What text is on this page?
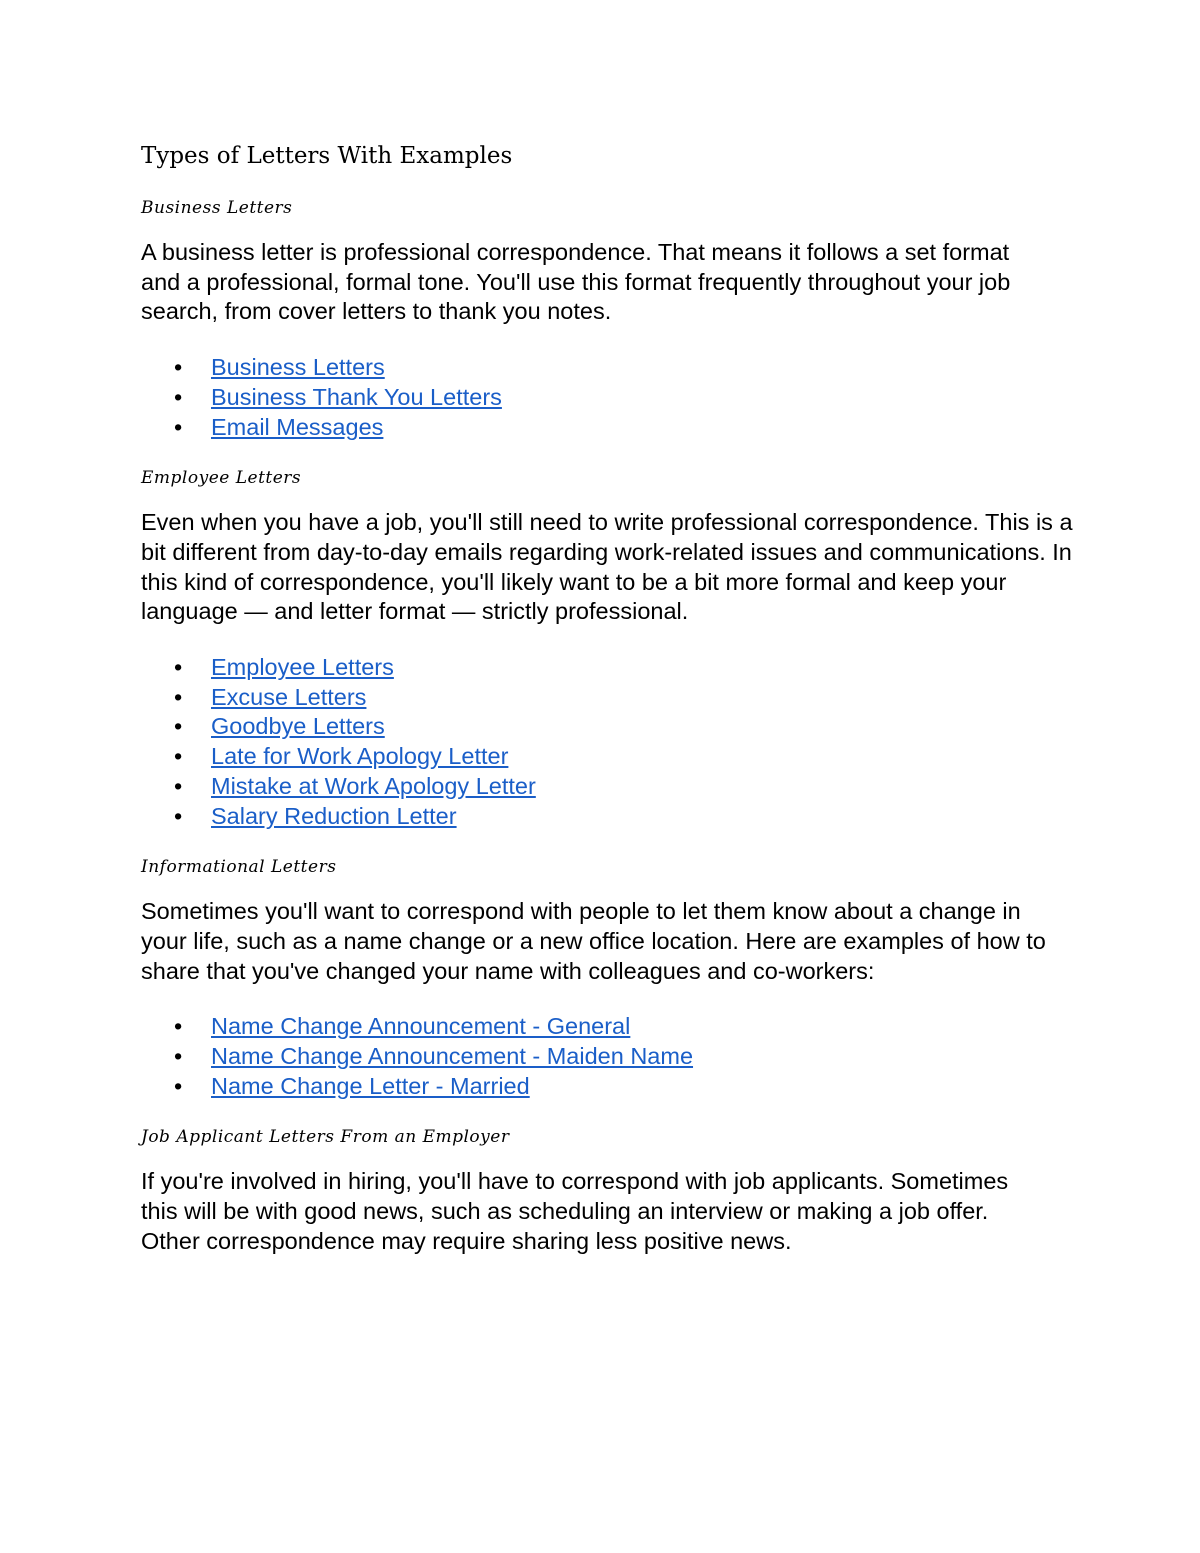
Types of Letters With Examples
Business Letters

A business letter is professional correspondence. That means it follows a set format and a professional, formal tone. You'll use this format frequently throughout your job search, from cover letters to thank you notes.

• Business Letters
• Business Thank You Letters
• Email Messages
Employee Letters

Even when you have a job, you'll still need to write professional correspondence. This is a bit different from day-to-day emails regarding work-related issues and communications. In this kind of correspondence, you'll likely want to be a bit more formal and keep your language — and letter format — strictly professional.

• Employee Letters
• Excuse Letters
• Goodbye Letters
• Late for Work Apology Letter
• Mistake at Work Apology Letter
• Salary Reduction Letter
Informational Letters

Sometimes you'll want to correspond with people to let them know about a change in your life, such as a name change or a new office location. Here are examples of how to share that you've changed your name with colleagues and co-workers:

• Name Change Announcement - General
• Name Change Announcement - Maiden Name
• Name Change Letter - Married
Job Applicant Letters From an Employer

If you're involved in hiring, you'll have to correspond with job applicants. Sometimes this will be with good news, such as scheduling an interview or making a job offer. Other correspondence may require sharing less positive news.
